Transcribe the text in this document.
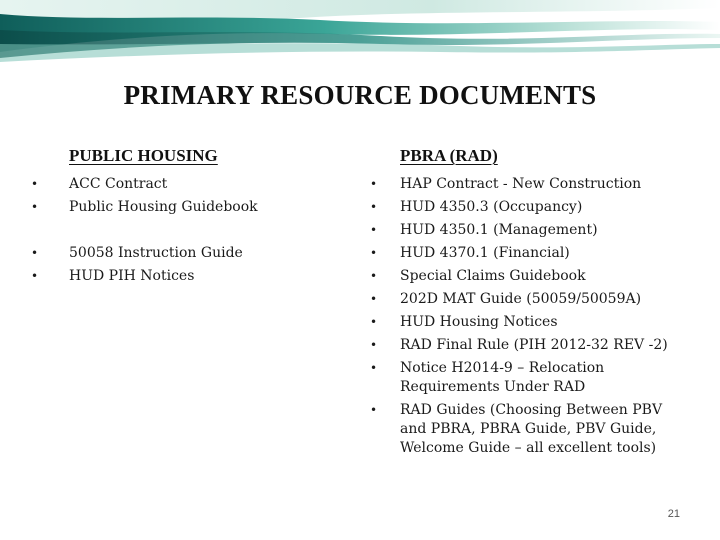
PRIMARY RESOURCE DOCUMENTS
PUBLIC HOUSING	PBRA (RAD)
• ACC Contract
• Public Housing Guidebook
• 50058 Instruction Guide
• HUD PIH Notices
• HAP Contract - New Construction
• HUD 4350.3 (Occupancy)
• HUD 4350.1 (Management)
• HUD 4370.1 (Financial)
• Special Claims Guidebook
• 202D MAT Guide (50059/50059A)
• HUD Housing Notices
• RAD Final Rule (PIH 2012-32 REV -2)
• Notice H2014-9 – Relocation Requirements Under RAD
• RAD Guides (Choosing Between PBV and PBRA, PBRA Guide, PBV Guide, Welcome Guide – all excellent tools)
21
